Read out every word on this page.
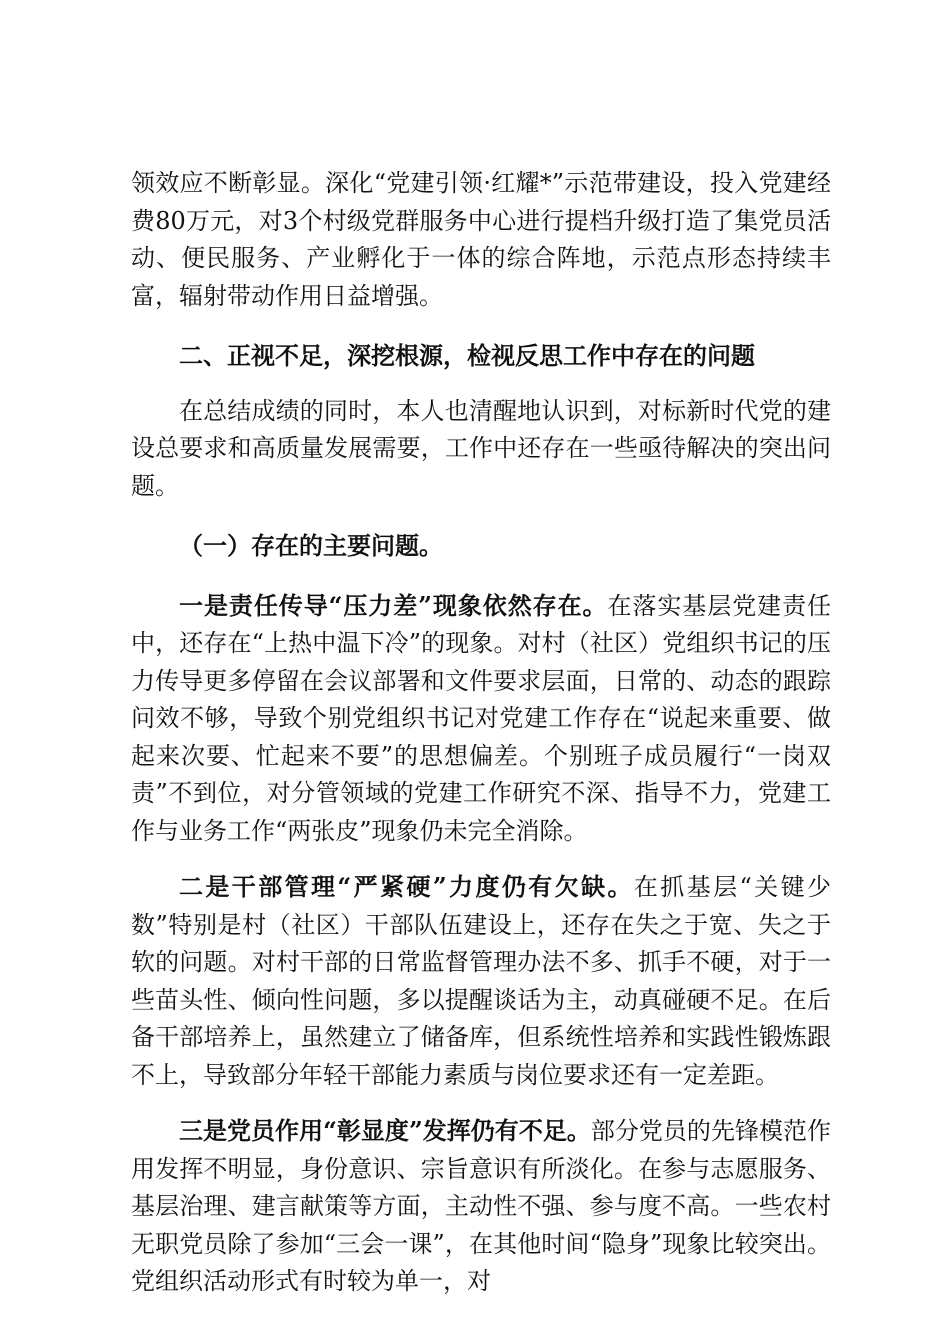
领效应不断彰显。深化“党建引领·红耀*”示范带建设，投入党建经费80万元，对3个村级党群服务中心进行提档升级打造了集党员活动、便民服务、产业孵化于一体的综合阵地，示范点形态持续丰富，辐射带动作用日益增强。

二、正视不足，深挖根源，检视反思工作中存在的问题

在总结成绩的同时，本人也清醒地认识到，对标新时代党的建设总要求和高质量发展需要，工作中还存在一些亟待解决的突出问题。

（一）存在的主要问题。

一是责任传导“压力差”现象依然存在。在落实基层党建责任中，还存在“上热中温下冷”的现象。对村（社区）党组织书记的压力传导更多停留在会议部署和文件要求层面，日常的、动态的跟踪问效不够，导致个别党组织书记对党建工作存在“说起来重要、做起来次要、忙起来不要”的思想偏差。个别班子成员履行“一岗双责”不到位，对分管领域的党建工作研究不深、指导不力，党建工作与业务工作“两张皮”现象仍未完全消除。

二是干部管理“严紧硬”力度仍有欠缺。在抓基层“关键少数”特别是村（社区）干部队伍建设上，还存在失之于宽、失之于软的问题。对村干部的日常监督管理办法不多、抓手不硬，对于一些苗头性、倾向性问题，多以提醒谈话为主，动真碰硬不足。在后备干部培养上，虽然建立了储备库，但系统性培养和实践性锻炼跟不上，导致部分年轻干部能力素质与岗位要求还有一定差距。

三是党员作用“彰显度”发挥仍有不足。部分党员的先锋模范作用发挥不明显，身份意识、宗旨意识有所淡化。在参与志愿服务、基层治理、建言献策等方面，主动性不强、参与度不高。一些农村无职党员除了参加“三会一课”，在其他时间“隐身”现象比较突出。党组织活动形式有时较为单一，对
